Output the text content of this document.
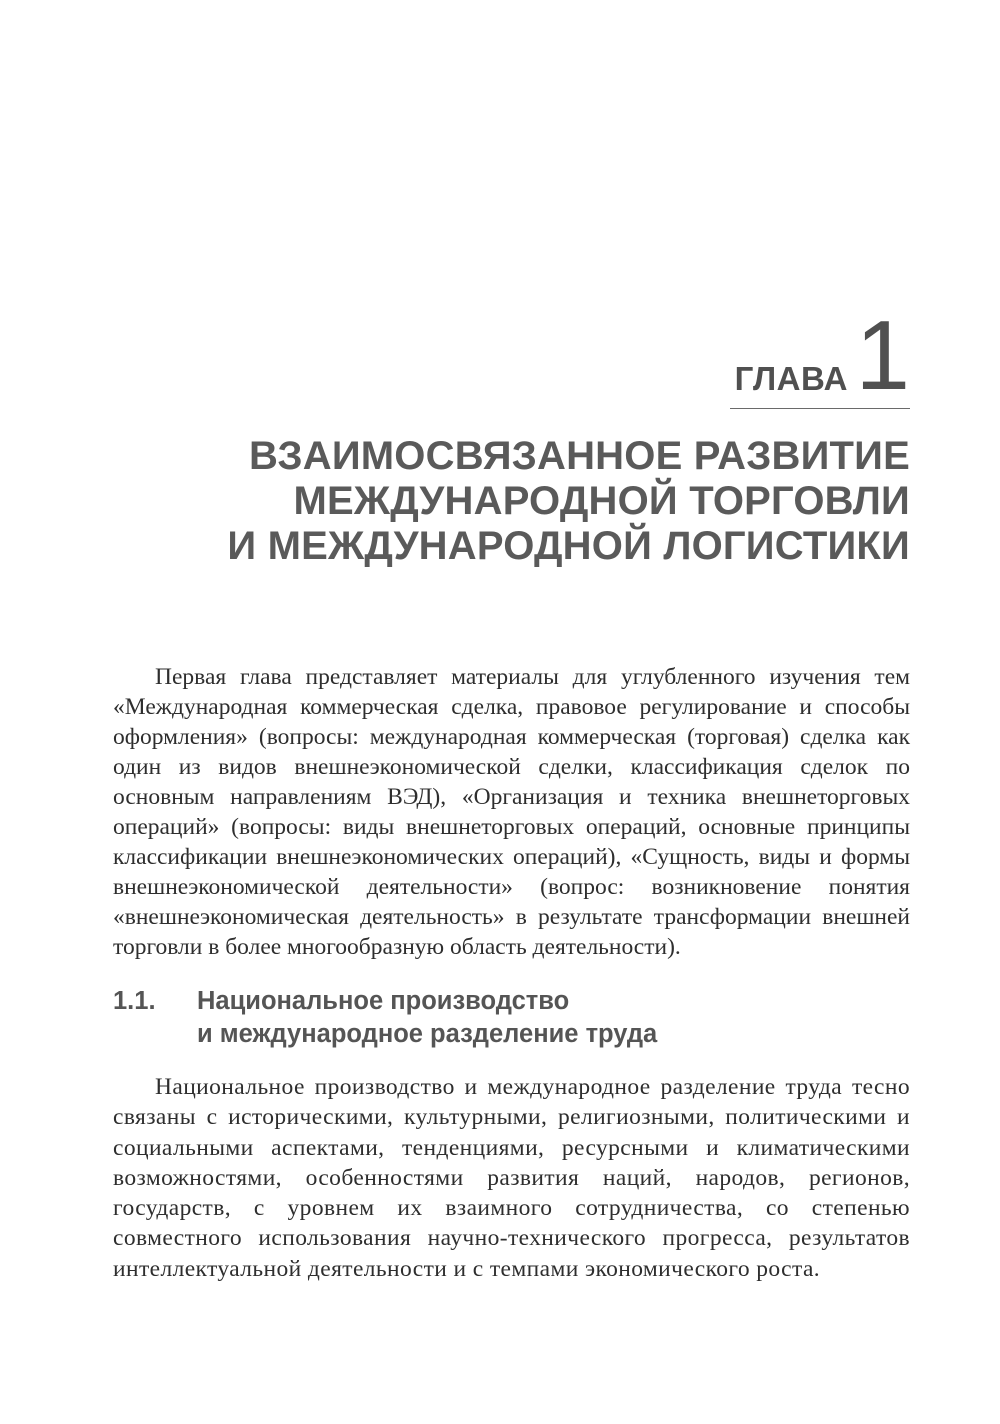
ГЛАВА 1
ВЗАИМОСВЯЗАННОЕ РАЗВИТИЕ
МЕЖДУНАРОДНОЙ ТОРГОВЛИ
И МЕЖДУНАРОДНОЙ ЛОГИСТИКИ

Первая глава представляет материалы для углубленного изучения тем «Международная коммерческая сделка, правовое регулирование и способы оформления» (вопросы: международная коммерческая (торговая) сделка как один из видов внешнеэкономической сделки, классификация сделок по основным направлениям ВЭД), «Организация и техника внешнеторговых операций» (вопросы: виды внешнеторговых операций, основные принципы классификации внешнеэкономических операций), «Сущность, виды и формы внешнеэкономической деятельности» (вопрос: возникновение понятия «внешнеэкономическая деятельность» в результате трансформации внешней торговли в более многообразную область деятельности).

1.1. Национальное производство
и международное разделение труда

Национальное производство и международное разделение труда тесно связаны с историческими, культурными, религиозными, политическими и социальными аспектами, тенденциями, ресурсными и климатическими возможностями, особенностями развития наций, народов, регионов, государств, с уровнем их взаимного сотрудничества, со степенью совместного использования научно-технического прогресса, результатов интеллектуальной деятельности и с темпами экономического роста.
